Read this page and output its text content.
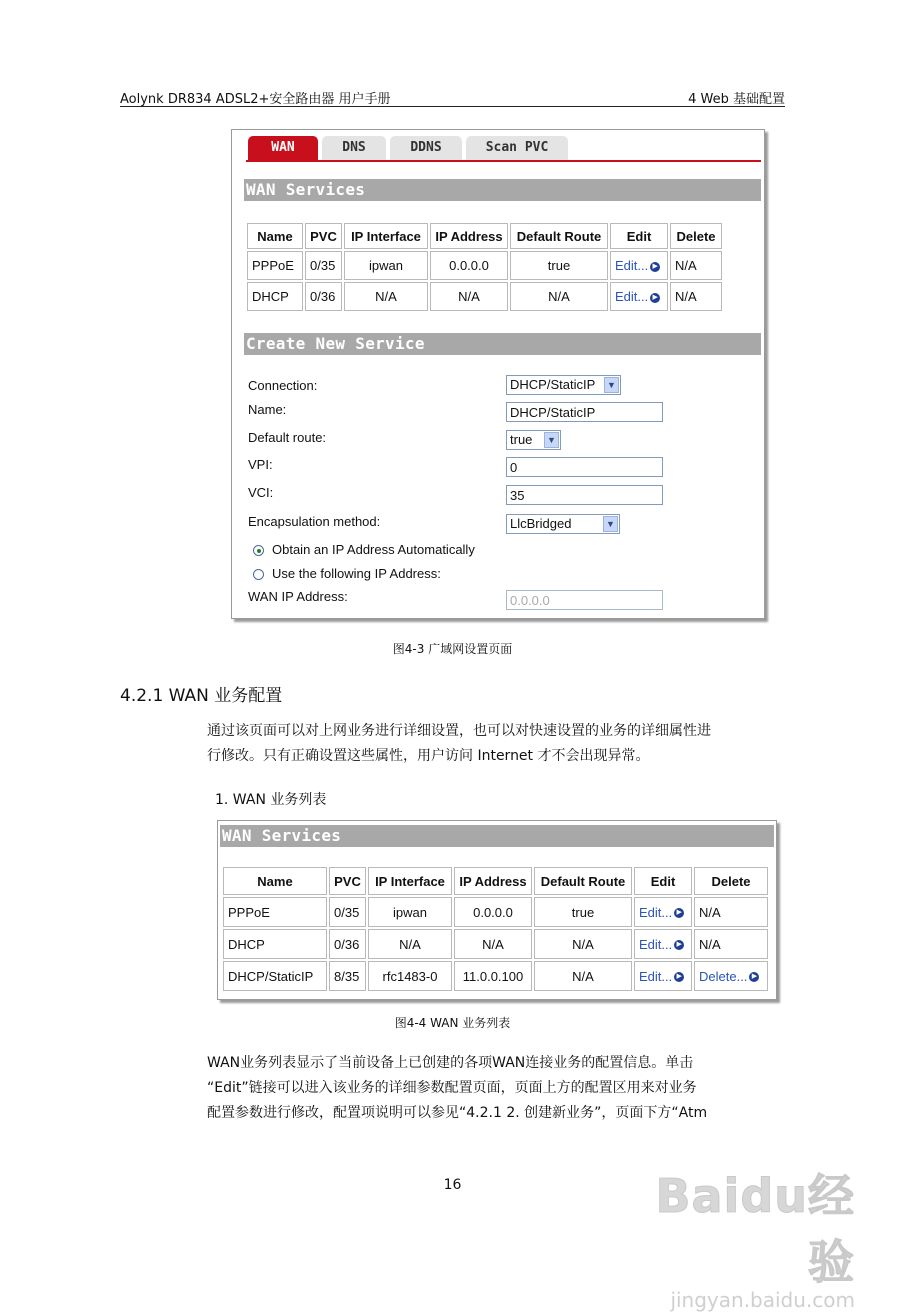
Aolynk DR834 ADSL2+安全路由器 用户手册	4 Web 基础配置
WAN	DNS	DDNS	Scan PVC
WAN Services
Name	PVC	IP Interface	IP Address	Default Route	Edit	Delete
PPPoE	0/35	ipwan	0.0.0.0	true	Edit... ▶	N/A
DHCP	0/36	N/A	N/A	N/A	Edit... ▶	N/A
Create New Service
Connection:	DHCP/StaticIP	▼
Name:	DHCP/StaticIP
Default route:	true	▼
VPI:	0
VCI:	35
Encapsulation method:	LlcBridged	▼
Obtain an IP Address Automatically
Use the following IP Address:
WAN IP Address:	0.0.0.0
图4-3 广域网设置页面
4.2.1 WAN 业务配置
通过该页面可以对上网业务进行详细设置，也可以对快速设置的业务的详细属性进
行修改。只有正确设置这些属性，用户访问 Internet 才不会出现异常。
1. WAN 业务列表
WAN Services
Name	PVC	IP Interface	IP Address	Default Route	Edit	Delete
PPPoE	0/35	ipwan	0.0.0.0	true	Edit... ▶	N/A
DHCP	0/36	N/A	N/A	N/A	Edit... ▶	N/A
DHCP/StaticIP	8/35	rfc1483-0	11.0.0.100	N/A	Edit... ▶	Delete... ▶
图4-4 WAN 业务列表
WAN业务列表显示了当前设备上已创建的各项WAN连接业务的配置信息。单击
“Edit”链接可以进入该业务的详细参数配置页面，页面上方的配置区用来对业务
配置参数进行修改，配置项说明可以参见“4.2.1 2. 创建新业务”，页面下方“Atm
16	Baidu经验
jingyan.baidu.com
